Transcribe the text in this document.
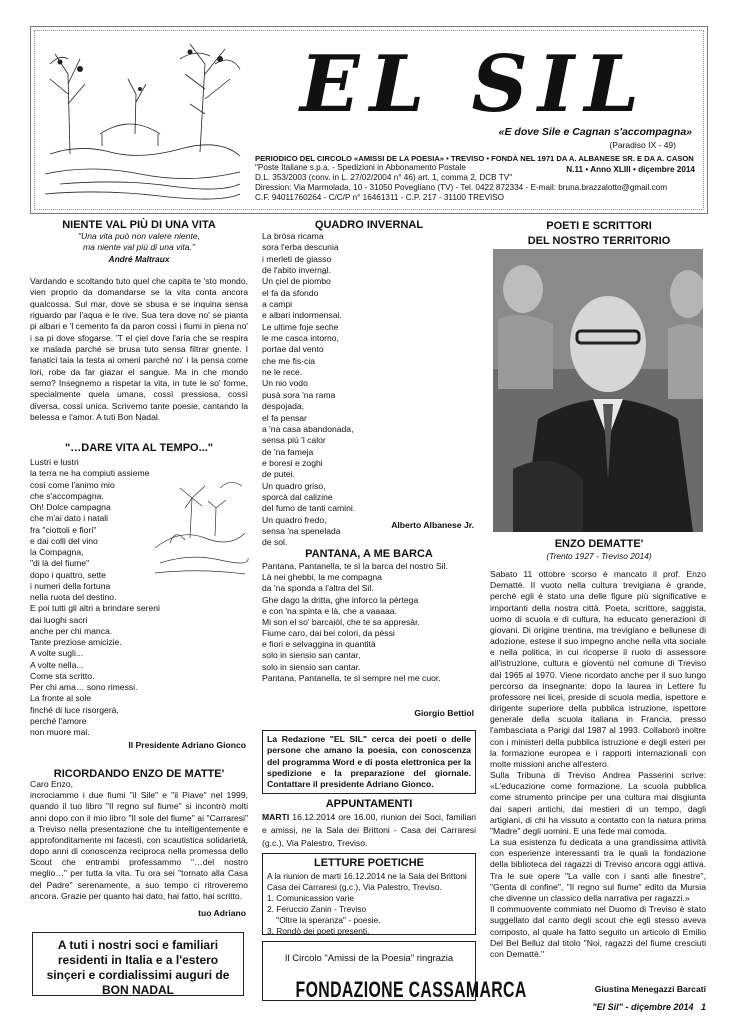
EL SIL
«E dove Sile e Cagnan s'accompagna»
(Paradiso IX - 49)
PERIODICO DEL CIRCOLO «AMISSI DE LA POESIA» • TREVISO • FONDÀ NEL 1971 DA A. ALBANESE SR. E DA A. CASON
N.11 • Anno XLIII • diçembre 2014
"Poste Italiane s.p.a. - Spedizioni in Abbonamento Postale
D.L. 353/2003 (conv. in L. 27/02/2004 n° 46) art. 1, comma 2, DCB TV"
Diression: Via Marmolada, 10 - 31050 Povegliano (TV) - Tel. 0422 872334 - E-mail: bruna.brazzalotto@gmail.com
C.F. 94011760264 - C/C/P n° 16461311 - C.P. 217 - 31100 TREVISO
NIENTE VAL PIÙ DI UNA VITA
"Una vita può non valere niente,
ma niente val più di una vita."
André Maltraux
Vardando e scoltando tuto quel che capita te 'sto mondo, vien proprio da domandarse se la vita conta ancora qualcossa. Sul mar, dove se sbusa e se inquina sensa riguardo par l'aqua e le rive. Sua tera dove no' se pianta pi albari e 'l cemento fa da paron cossì i fiumi in piena no' i sa pi dove sfogarse. 'T el çiel dove l'aria che se respira xe malada parché se brusa tuto sensa filtrar gnente. I fanatici taia la testa ai omeni parché no' i la pensa come lori, robe da far giazar el sangue. Ma in che mondo semo? Insegnemo a rispetar la vita, in tute le so' forme, specialmente quela umana, cossì pressiosa, cossì diversa, cossì unica. Scrivemo tante poesie, cantando la belessa e l'amor. A tuti Bon Nadal.
"…DARE VITA AL TEMPO..."
Lustri e lustri
la terra ne ha compiuti assieme
così come l'animo mio
che s'accompagna.
Oh! Dolce campagna
che m'ai dato i natali
fra "ciottoli e fiori"
e dai colli del vino
la Compagna,
"di là del fiume"
dopo i quattro, sette
i numeri della fortuna
nella ruota del destino.
E poi tutti gli altri a brindare sereni
dai luoghi sacri
anche per chi manca.
Tante preziose amicizie.
A volte sugli...
A volte nella...
Come sta scritto.
Per chi ama… sono rimessi.
La fronte al sole
finché di luce risorgerà,
perché l'amore
non muore mai.
Il Presidente Adriano Gionco
RICORDANDO ENZO DE MATTE'
Caro Enzo,
incrociammo i due fiumi "il Sile" e "il Piave" nel 1999, quando il tuo libro "Il regno sul fiume" si incontrò molti anni dopo con il mio libro "Il sole del fiume" ai "Carraresi" a Treviso nella presentazione che tu intelligentemente e approfonditamente mi facesti, con scautistica solidarietà, dopo anni di conoscenza reciproca nella promessa dello Scout che entrambi professammo "…del nostro meglio…" per tutta la vita. Tu ora sei "tornato alla Casa del Padre" serenamente, a suo tempo ci ritroveremo ancora. Grazie per quanto hai dato, hai fatto, hai scritto.
tuo Adriano
A tuti i nostri soci e familiari residenti in Italia e a l'estero sinçeri e cordialissimi auguri de BON NADAL
QUADRO INVERNAL
La bròsa ricama
sora l'erba descunia
i merleti de giasso
de l'abito inverna̲l.
Un çiel de piombo
el fa da sfondo
a campi
e albari indormensai.
Le ultime foje seche
le me casca intorno,
portae dal vento
che me fis-cia
ne le rece.
Un nio vodo
pusà sora 'na rama
despojada,
el fa pensar
a 'na casa abandonada,
sensa più 'l calor
de 'na fameja
e boresi e zoghi
de putei.
Un quadro griso,
sporcà dal calizine
del fumo de tanti camini.
Un quadro fredo,
sensa 'na spenelada
de sol.
Alberto Albanese Jr.
PANTANA, A ME BARCA
Pantana, Pantanella, te sì la barca del nostro Sil.
Là nei ghebbi, la me compagna
da 'na sponda a l'altra del Sil.
Ghe dago la dritta, ghe inforco la pèrtega
e con 'na spinta e là, che a vaaaaa.
Mi son el so' barcaiòl, che te sa appresàr.
Fiume caro, dai bei colori, da pèssi
e fiori e selvaggina in quantità
solo in siensio san cantar,
solo in siensio san cantar.
Pantana, Pantanella, te sì sempre nel me cuor.
Giorgio Bettiol
La Redazione "EL SIL" cerca dei poeti o delle persone che amano la poesia, con conoscenza del programma Word e di posta elettronica per la spedizione e la preparazione del giornale. Contattare il presidente Adriano Gionco.
APPUNTAMENTI
LETTURE POETICHE
A la riunion de marti 16.12.2014 ne la Sala dei Brittoni
Casa dei Carraresi (g.c.), Via Palestro, Treviso.
1. Comunicassion varie
2. Feruccio Zanin - Treviso
"Oltre la speranza" - poesie.
3. Rondò dei poeti presenti.
Il Circolo "Amissi de la Poesia" ringrazia
FONDAZIONE CASSAMARCA
POETI E SCRITTORI
DEL NOSTRO TERRITORIO
ENZO DEMATTE'
(Trento 1927 - Treviso 2014)
Sabato 11 ottobre scorso è mancato il prof. Enzo Demattè. Il vuoto nella cultura trevigiana è grande, perché egli è stato una delle figure più significative e importanti della nostra città. Poeta, scrittore, saggista, uomo di scuola e di cultura, ha educato generazioni di giovani. Di origine trentina, ma trevigiano e bellunese di adozione, estese il suo impegno anche nella vita sociale e nella politica, in cui ricoperse il ruolo di assessore all'istruzione, cultura e gioventù nel comune di Treviso dal 1965 al 1970. Viene ricordato anche per il suo lungo percorso da insegnante: dopo la laurea in Lettere fu professore nei licei, preside di scuola media, ispettore e dirigente superiore della pubblica istruzione, ispettore generale della scuola italiana in Francia, presso l'ambasciata a Parigi dal 1987 al 1993. Collaborò inoltre con i ministeri della pubblica istruzione e degli esteri per la formazione europea e i rapporti internazionali con molte missioni anche all'estero.
Sulla Tribuna di Treviso Andrea Passerini scrive: «L'educazione come formazione. La scuola pubblica come strumento principe per una cultura mai disgiunta dai saperi antichi, dai mestieri di un tempo, dagli artigiani, di chi ha vissuto a contatto con la natura prima "Madre" degli uomini. E una fede mai comoda.
La sua esistenza fu dedicata a una grandissima attività con esperienze interessanti tra le quali la fondazione della biblioteca dei ragazzi di Treviso ancora oggi attiva. Tra le sue opere "La valle con i santi alle finestre", "Genta di confine", "Il regno sul fiume" edito da Mursia che divenne un classico della narrativa per ragazzi.»
Il commuovente commiato nel Duomo di Treviso è stato suggellato dal canto degli scout che egli stesso aveva composto, al quale ha fatto seguito un articolo di Emilio Del Bel Belluz dal titolo "Noi, ragazzi del fiume cresciuti con Demattè."
Giustina Menegazzi Barcati
"El Sil" - diçembre 2014   1
MARTI 16.12.2014 ore 16.00, riunion dei Soci, familiari e amissi, ne la Sala dei Brittoni - Casa dei Carraresi (g.c.), Via Palestro, Treviso.
